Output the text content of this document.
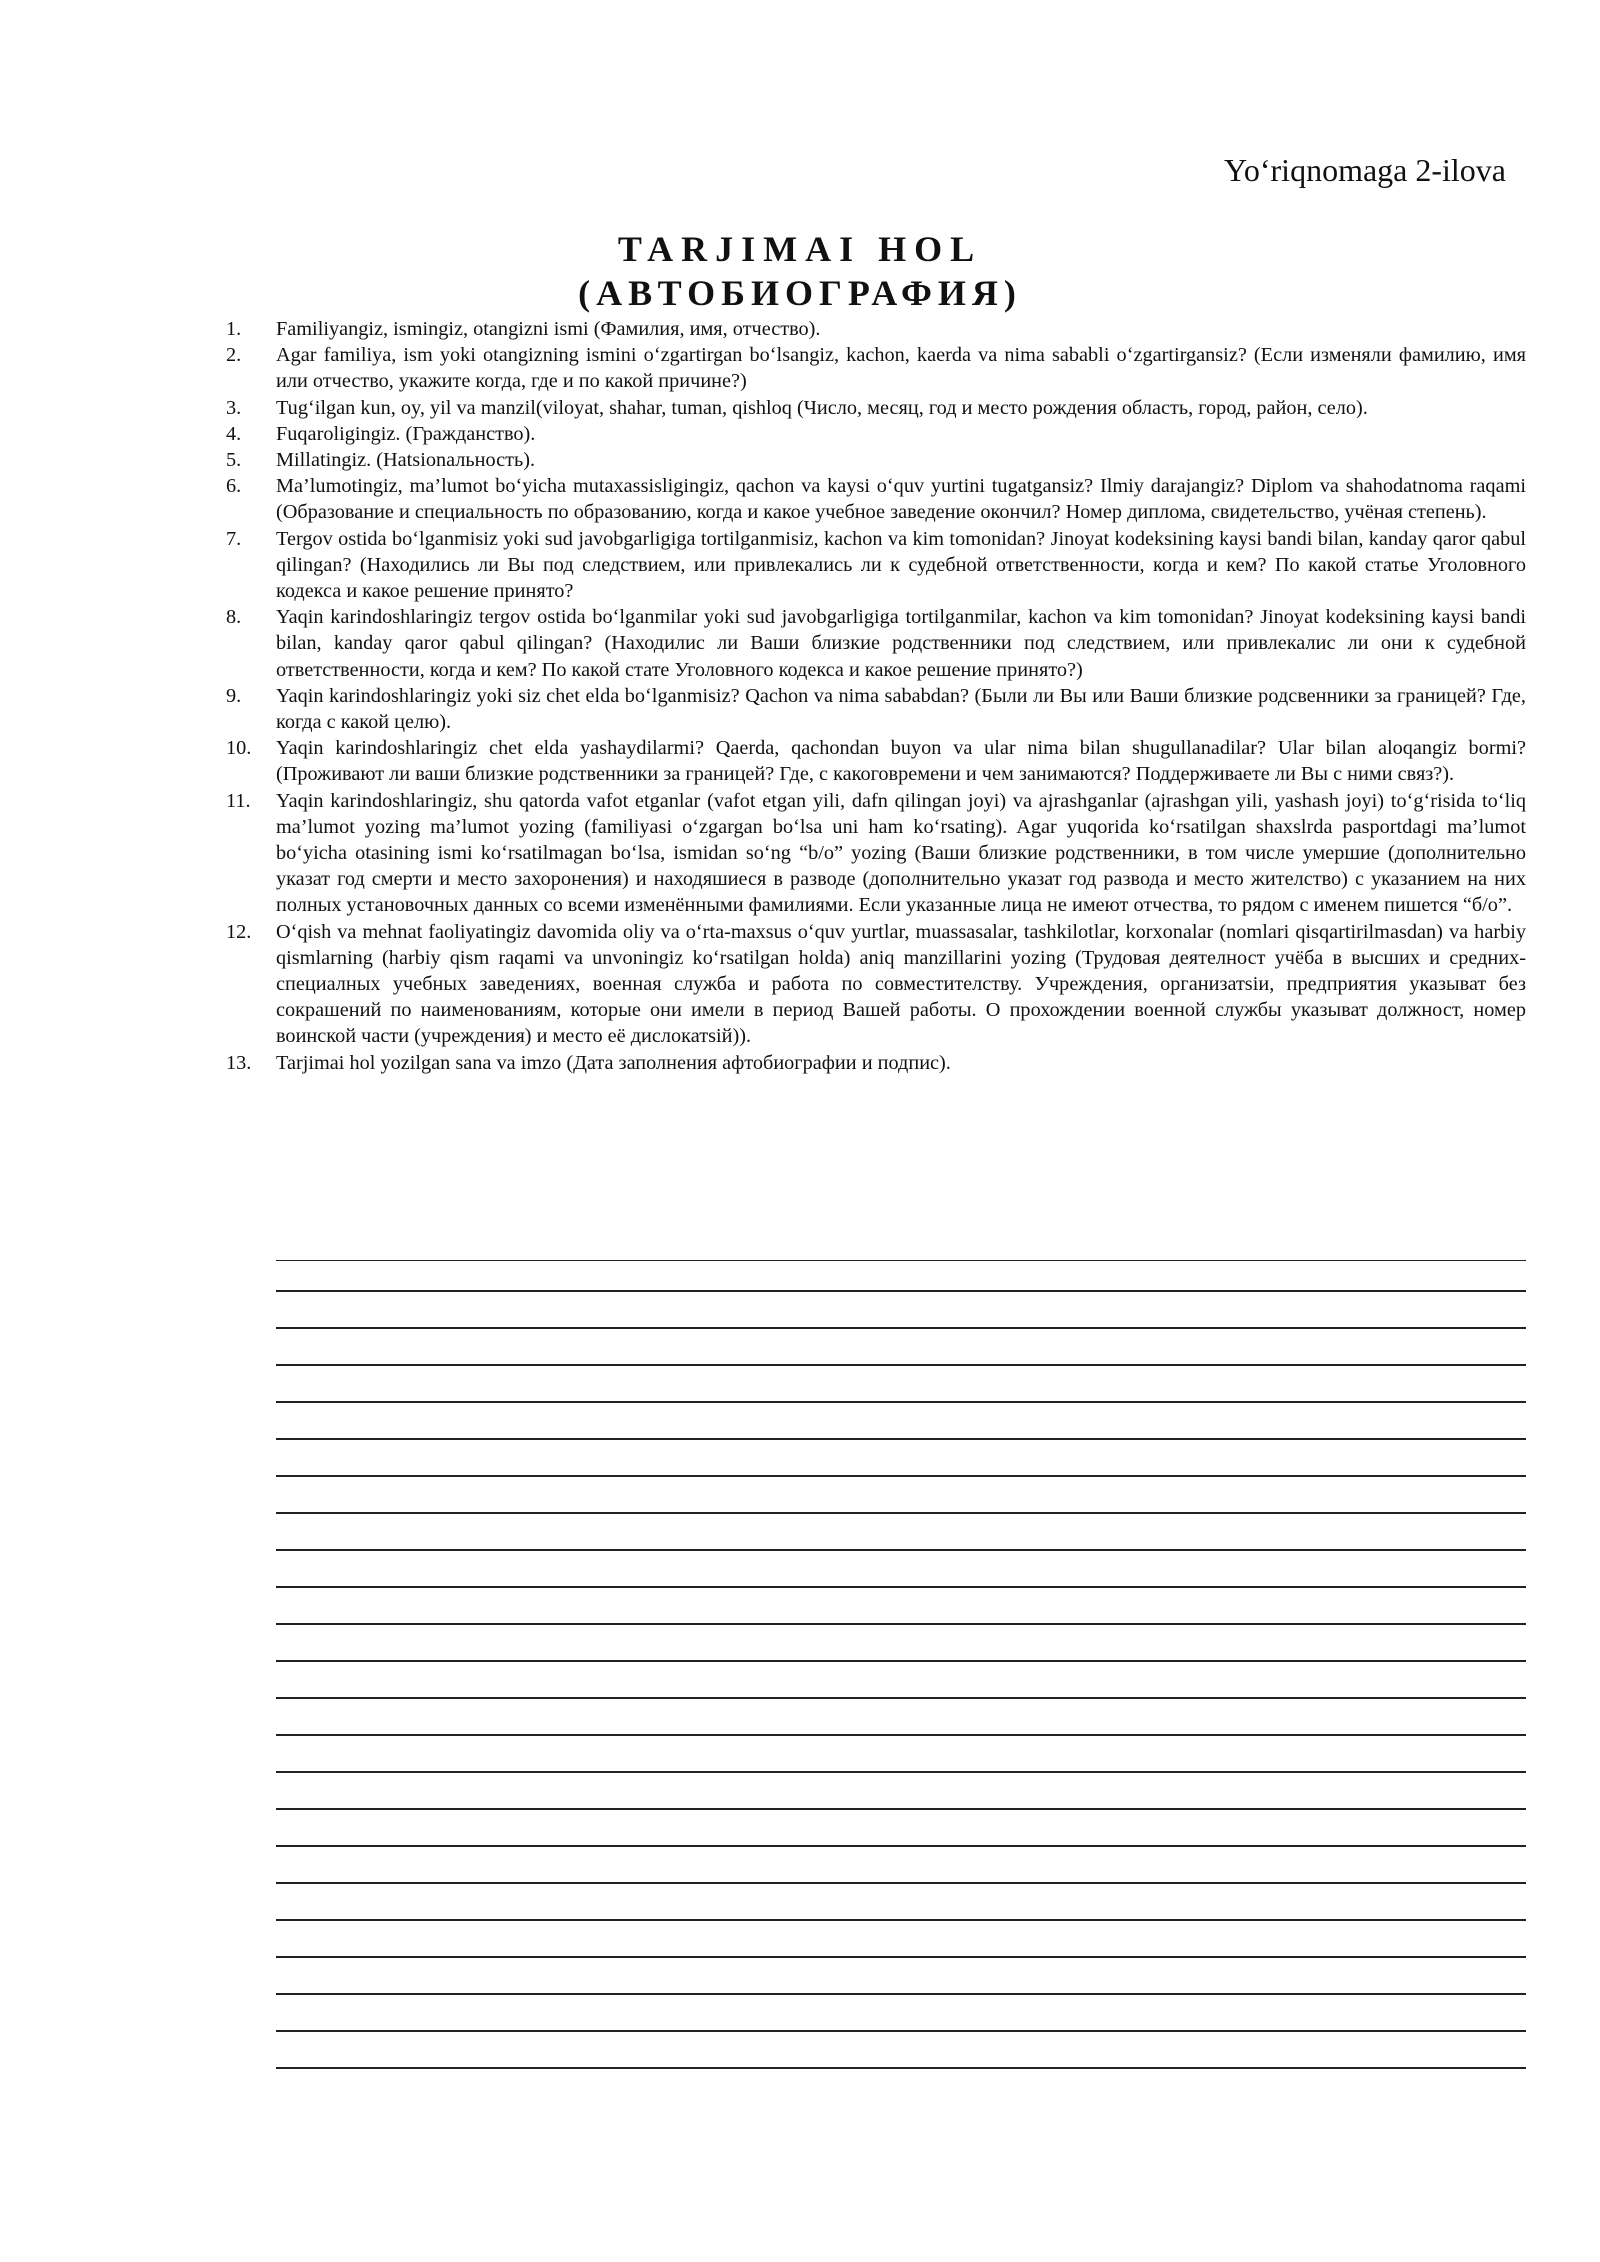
Yo‘riqnomaga 2-ilova
TARJIMAI HOL
(АВТОБИОГРАФИЯ)
1.	Familiyangiz, ismingiz, otangizni ismi (Фамилия, имя, отчество).
2.	Agar familiya, ism yoki otangizning ismini o‘zgartirgan bo‘lsangiz, kachon, kaerda va nima sababli o‘zgartirgansiz? (Если изменяли фамилию, имя или отчество, укажите когда, где и по какой причине?)
3.	Tug‘ilgan kun, oy, yil va manzil(viloyat, shahar, tuman, qishloq (Число, месяц, год и место рождения область, город, район, село).
4.	Fuqaroligingiz. (Гражданство).
5.	Millatingiz. (Hatsionальность).
6.	Ma’lumotingiz, ma’lumot bo‘yicha mutaxassisligingiz, qachon va kaysi o‘quv yurtini tugatgansiz? Ilmiy darajangiz? Diplom va shahodatnoma raqami (Образование и специальность по образованию, когда и какое учебное заведение окончил? Номер диплома, свидетельство, учёная степень).
7.	Tergov ostida bo‘lganmisiz yoki sud javobgarligiga tortilganmisiz, kachon va kim tomonidan? Jinoyat kodeksining kaysi bandi bilan, kanday qaror qabul qilingan? (Находились ли Вы под следствием, или привлекались ли к судебной ответственности, когда и кем? По какой статье Уголовного кодекса и какое решение принято?
8.	Yaqin karindoshlaringiz tergov ostida bo‘lganmilar yoki sud javobgarligiga tortilganmilar, kachon va kim tomonidan? Jinoyat kodeksining kaysi bandi bilan, kanday qaror qabul qilingan? (Находилис ли Ваши близкие родственники под следствием, или привлекалис ли они к судебной ответственности, когда и кем? По какой стате Уголовного кодекса и какое решение принято?)
9.	Yaqin karindoshlaringiz yoki siz chet elda bo‘lganmisiz? Qachon va nima sababdan? (Были ли Вы или Ваши близкие родсвенники за границей? Где, когда с какой целю).
10.	Yaqin karindoshlaringiz chet elda yashaydilarmi? Qaerda, qachondan buyon va ular nima bilan shugullanadilar? Ular bilan aloqangiz bormi? (Проживают ли ваши близкие родственники за границей? Где, с какоговремени и чем занимаются? Поддерживаете ли Вы с ними связ?).
11.	Yaqin karindoshlaringiz, shu qatorda vafot etganlar (vafot etgan yili, dafn qilingan joyi) va ajrashganlar (ajrashgan yili, yashash joyi) to‘g‘risida to‘liq ma’lumot yozing ma’lumot yozing (familiyasi o‘zgargan bo‘lsa uni ham ko‘rsating). Agar yuqorida ko‘rsatilgan shaxslrda pasportdagi ma’lumot bo‘yicha otasining ismi ko‘rsatilmagan bo‘lsa, ismidan so‘ng “b/o” yozing (Ваши близкие родственники, в том числе умершие (дополнительно указат год смерти и место захоронения) и находяшиеся в разводе (дополнительно указат год развода и место жителство) с указанием на них полных установочных данных со всеми изменёнными фамилиями. Если указанные лица не имеют отчества, то рядом с именем пишется “б/о”.
12.	O‘qish va mehnat faoliyatingiz davomida oliy va o‘rta-maxsus o‘quv yurtlar, muassasalar, tashkilotlar, korxonalar (nomlari qisqartirilmasdan) va harbiy qismlarning (harbiy qism raqami va unvoningiz ko‘rsatilgan holda) aniq manzillarini yozing (Трудовая деятелност учёба в высших и средних-специалных учебных заведениях, военная служба и работа по совместителству. Учреждения, организатsiи, предприятия указыват без сокрашений по наименованиям, которые они имели в период Вашей работы. О прохождении военной службы указыват должност, номер воинской части (учреждения) и место её дислокатsiй)).
13.	Tarjimai hol yozilgan sana va imzo (Дата заполнения афтобиографии и подпис).
